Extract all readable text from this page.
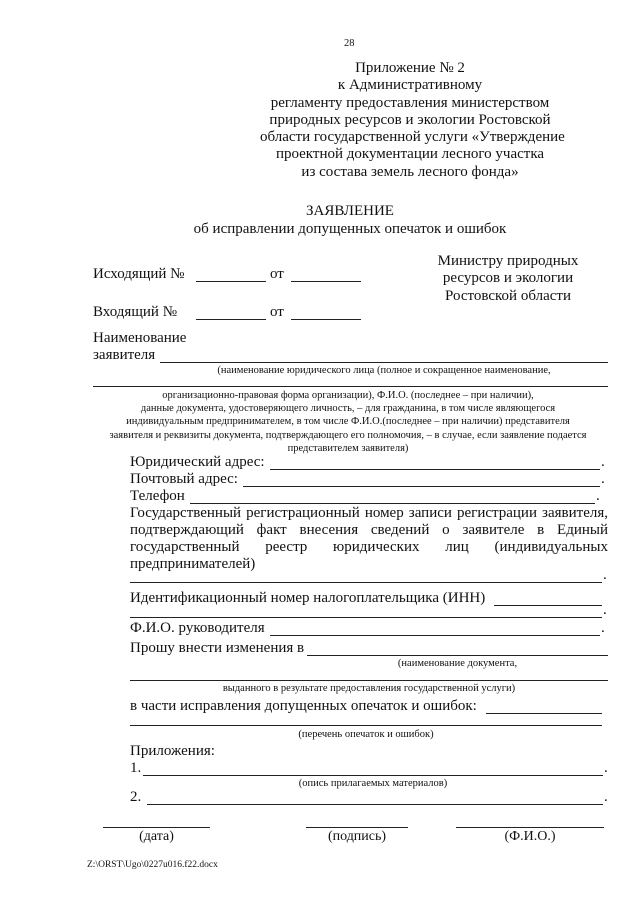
28
Приложение № 2
к Административному
регламенту предоставления министерством
природных ресурсов и экологии Ростовской
области государственной услуги «Утверждение
проектной документации лесного участка
из состава земель лесного фонда»
ЗАЯВЛЕНИЕ
об исправлении допущенных опечаток и ошибок
Исходящий №	от
Входящий №	от
Министру природных
ресурсов и экологии
Ростовской области
Наименование
заявителя
(наименование юридического лица (полное и сокращенное наименование,
организационно-правовая форма организации), Ф.И.О. (последнее – при наличии),
данные документа, удостоверяющего личность, – для гражданина, в том числе являющегося
индивидуальным предпринимателем, в том числе Ф.И.О.(последнее – при наличии) представителя
заявителя и реквизиты документа, подтверждающего его полномочия, – в случае, если заявление подается
представителем заявителя)
Юридический адрес:	.
Почтовый адрес:	.
Телефон	.
Государственный регистрационный номер записи регистрации заявителя,
подтверждающий факт внесения сведений о заявителе в Единый
государственный реестр юридических лиц (индивидуальных
предпринимателей)
.
Идентификационный номер налогоплательщика (ИНН)
.
Ф.И.О. руководителя	.
Прошу внести изменения в
(наименование документа,
выданного в результате предоставления государственной услуги)
в части исправления допущенных опечаток и ошибок:
(перечень опечаток и ошибок)
Приложения:
1.	.
(опись прилагаемых материалов)
2.	.
(дата)	(подпись)	(Ф.И.О.)
Z:\ORST\Ugo\0227u016.f22.docx
